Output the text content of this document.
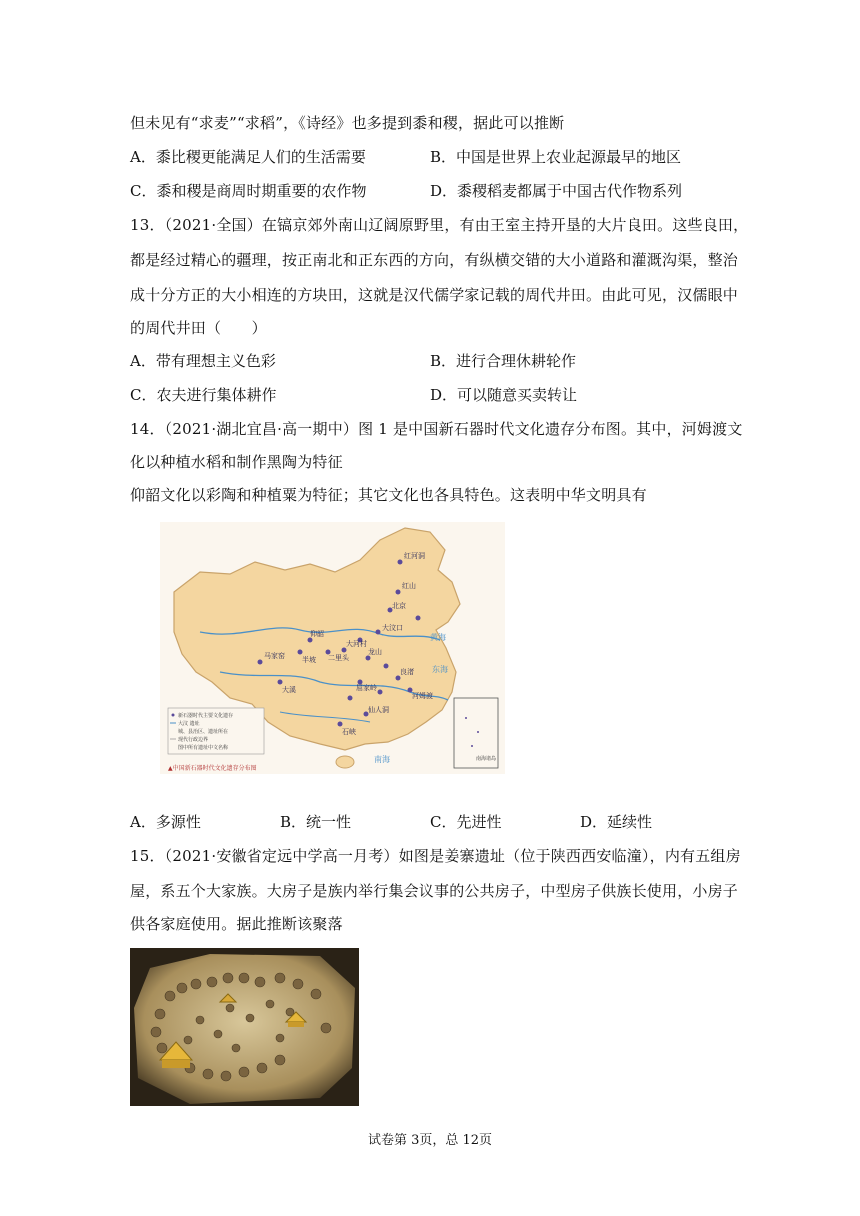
但未见有“求麦”“求稻”，《诗经》也多提到黍和稷，据此可以推断
A．黍比稷更能满足人们的生活需要	B．中国是世界上农业起源最早的地区
C．黍和稷是商周时期重要的农作物	D．黍稷稻麦都属于中国古代作物系列
13．（2021·全国）在镐京郊外南山辽阔原野里，有由王室主持开垦的大片良田。这些良田，
都是经过精心的疆理，按正南北和正东西的方向，有纵横交错的大小道路和灌溉沟渠，整治
成十分方正的大小相连的方块田，这就是汉代儒学家记载的周代井田。由此可见，汉儒眼中
的周代井田（　　）
A．带有理想主义色彩	B．进行合理休耕轮作
C．农夫进行集体耕作	D．可以随意买卖转让
14．（2021·湖北宜昌·高一期中）图 1 是中国新石器时代文化遗存分布图。其中，河姆渡文
化以种植水稻和制作黑陶为特征
仰韶文化以彩陶和种植粟为特征；其它文化也各具特色。这表明中华文明具有
红山
北京
大汶口
仰韶
马家窑 半坡
大河村
屈家岭
河姆渡
良渚
仙人洞
石峡
二里头
龙山
大溪
红河洞
东海
南海
黄海
新石器时代主要文化遗存
大汶 遗址
城、县治区、遗址所在
现代行政边界
图中所有遗址中文名称
南海诸岛
▲中国新石器时代文化遗存分布图
A．多源性	B．统一性	C．先进性	D．延续性
15．（2021·安徽省定远中学高一月考）如图是姜寨遗址（位于陕西西安临潼），内有五组房
屋，系五个大家族。大房子是族内举行集会议事的公共房子，中型房子供族长使用，小房子
供各家庭使用。据此推断该聚落
试卷第 3页，总 12页
